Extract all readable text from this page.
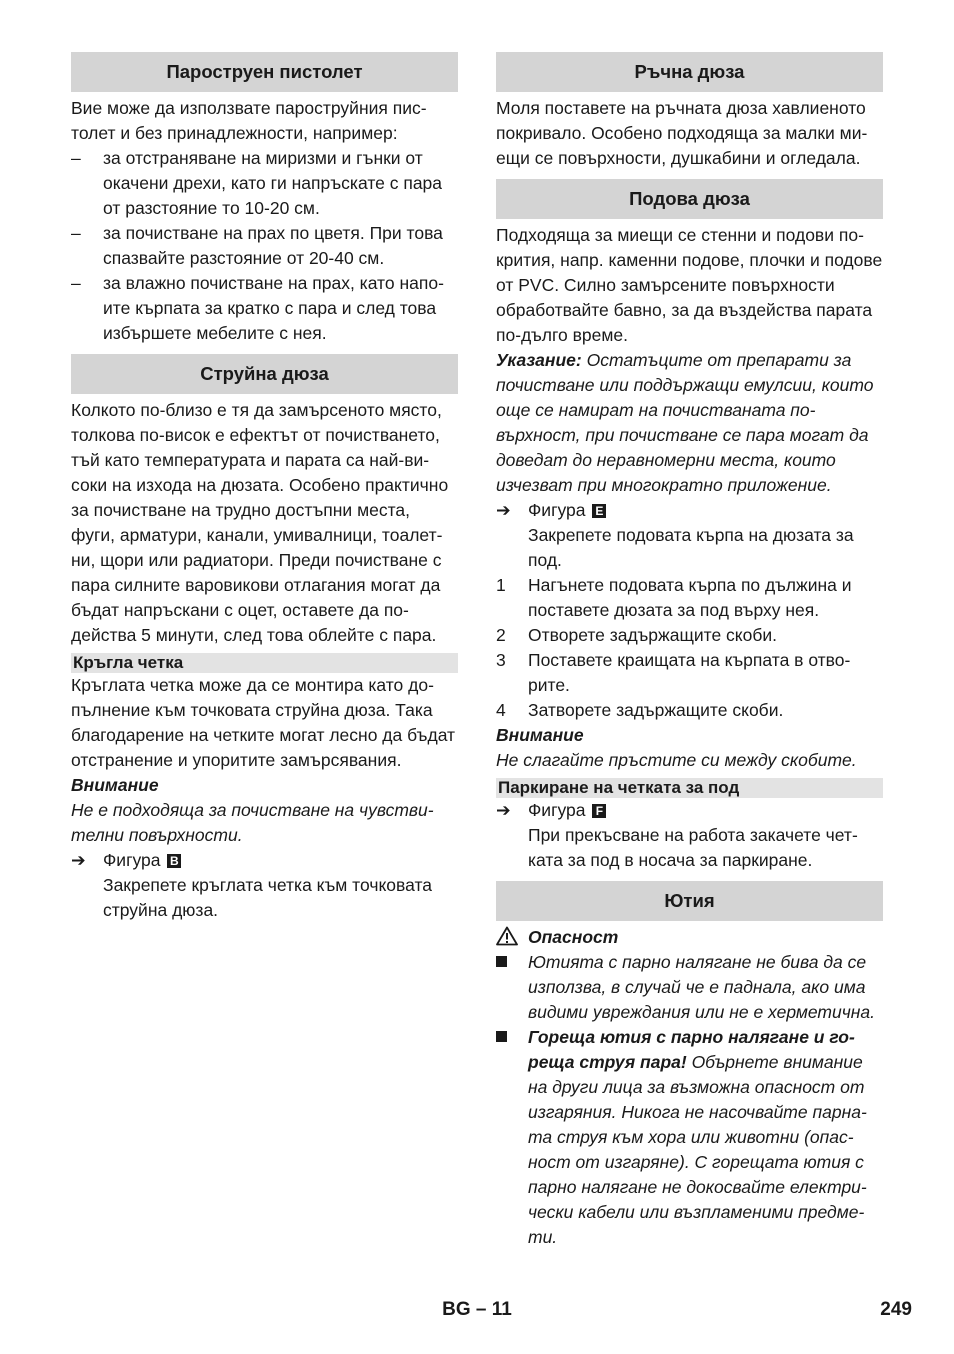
Пароструен пистолет

Вие може да използвате пароструйния пистолет и без принадлежности, например:

–	за отстраняване на миризми и гънки от окачени дрехи, като ги напръскате с пара от разстояние то 10-20 см.
–	за почистване на прах по цветя. При това спазвайте разстояние от 20-40 см.
–	за влажно почистване на прах, като напоите кърпата за кратко с пара и след това избършете мебелите с нея.
Струйна дюза

Колкото по-близо е тя да замърсеното място, толкова по-висок е ефектът от почистването, тъй като температурата и парата са най-високи на изхода на дюзата. Особено практично за почистване на трудно достъпни места, фуги, арматури, канали, умивалници, тоалетни, щори или радиатори. Преди почистване с пара силните варовикови отлагания могат да бъдат напръскани с оцет, оставете да подейства 5 минути, след това облейте с пара.

Кръгла четка

Кръглата четка може да се монтира като допълнение към точковата струйна дюза. Така благодарение на четките могат лесно да бъдат отстранение и упоритите замърсявания.

Внимание

Не е подходяща за почистване на чувствителни повърхности.

➔ Фигура B
Закрепете кръглата четка към точковата струйна дюза.
Ръчна дюза

Моля поставете на ръчната дюза хавлиеното покривало. Особено подходяща за малки миещи се повърхности, душкабини и огледала.

Подова дюза

Подходяща за миещи се стенни и подови покрития, напр. каменни подове, плочки и подове от PVC. Силно замърсените повърхности обработвайте бавно, за да въздейства парата по-дълго време.

Указание: Остатъците от препарати за почистване или поддържащи емулсии, които още се намират на почистваната повърхност, при почистване се пара могат да доведат до неравномерни места, които изчезват при многократно приложение.

➔ Фигура E
Закрепете подовата кърпа на дюзата за под.
1	Нагънете подовата кърпа по дължина и поставете дюзата за под върху нея.
2	Отворете задържащите скоби.
3	Поставете краищата на кърпата в отворите.
4	Затворете задържащите скоби.

Внимание

Не слагайте пръстите си между скобите.

Паркиране на четката за под
➔ Фигура F
При прекъсване на работа закачете четката за под в носача за паркиране.
Ютия
Опасност
Ютията с парно налягане не бива да се използва, в случай че е паднала, ако има видими увреждания или не е херметична.
Гореща ютия с парно налягане и гореща струя пара! Обърнете внимание на други лица за възможна опасност от изгаряния. Никога не насочвайте парната струя към хора или животни (опасност от изгаряне). С горещата ютия с парно налягане не докосвайте електрически кабели или възпламеними предмети.
BG – 11	249
